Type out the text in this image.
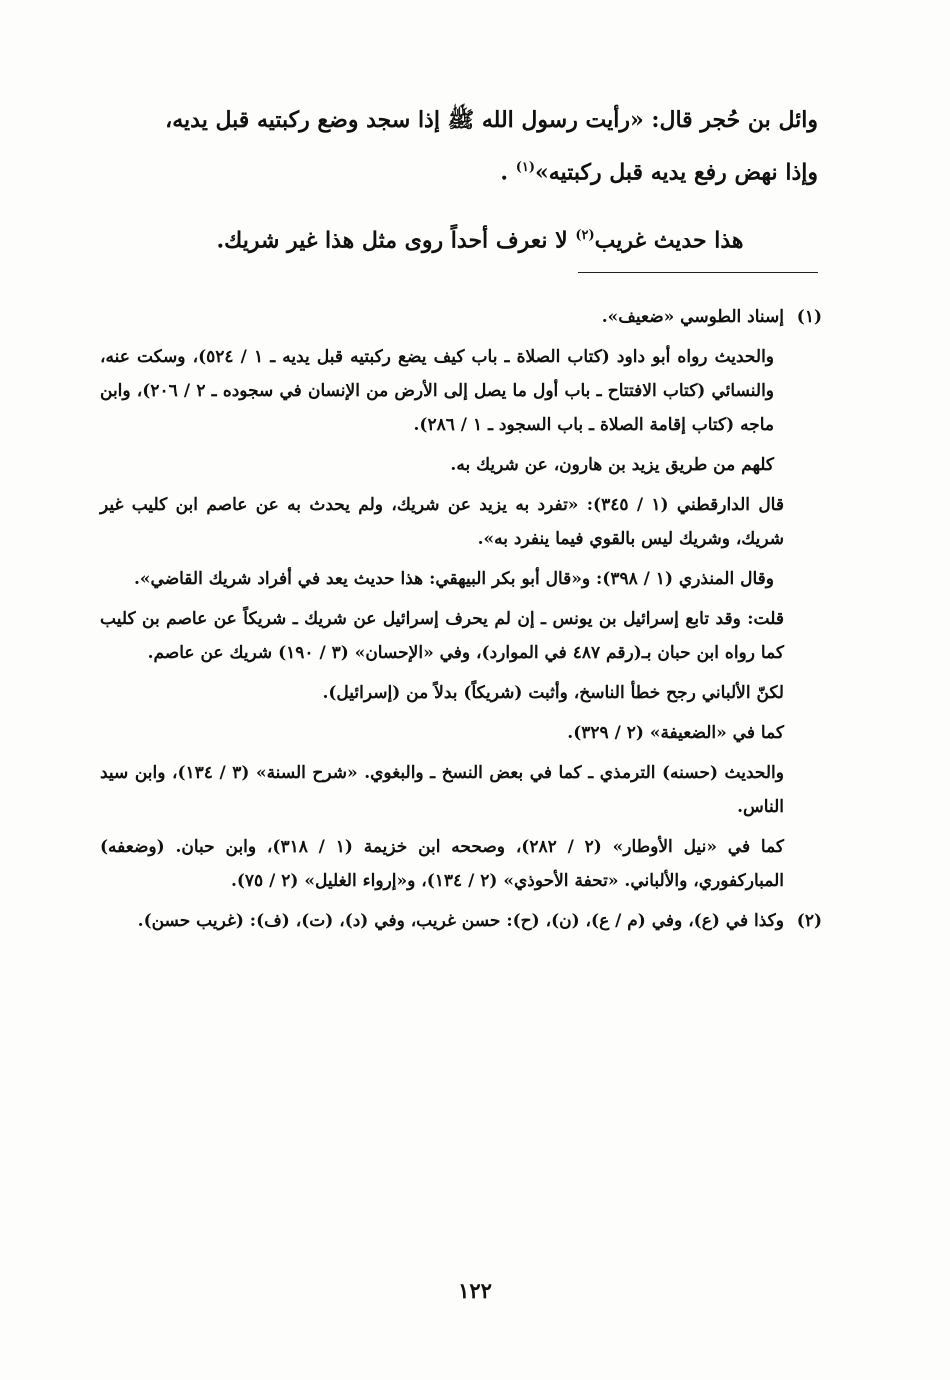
وائل بن حُجر قال: «رأيت رسول الله ﷺ إذا سجد وضع ركبتيه قبل يديه،

وإذا نهض رفع يديه قبل ركبتيه»$^{(١)}$ .

هذا حديث غريب$^{(٢)}$ لا نعرف أحداً روى مثل هذا غير شريك.
(١)

إسناد الطوسي «ضعيف».

والحديث رواه أبو داود (كتاب الصلاة ـ باب كيف يضع ركبتيه قبل يديه ـ ١ / ٥٢٤)، وسكت عنه، والنسائي (كتاب الافتتاح ـ باب أول ما يصل إلى الأرض من الإنسان في سجوده ـ ٢ / ٢٠٦)، وابن ماجه (كتاب إقامة الصلاة ـ باب السجود ـ ١ / ٢٨٦).

كلهم من طريق يزيد بن هارون، عن شريك به.

قال الدارقطني (١ / ٣٤٥): «تفرد به يزيد عن شريك، ولم يحدث به عن عاصم ابن كليب غير شريك، وشريك ليس بالقوي فيما ينفرد به».

وقال المنذري (١ / ٣٩٨): و«قال أبو بكر البيهقي: هذا حديث يعد في أفراد شريك القاضي».

قلت: وقد تابع إسرائيل بن يونس ـ إن لم يحرف إسرائيل عن شريك ـ شريكاً عن عاصم بن كليب كما رواه ابن حبان بـ(رقم ٤٨٧ في الموارد)، وفي «الإحسان» (٣ / ١٩٠) شريك عن عاصم.

لكنّ الألباني رجح خطأ الناسخ، وأثبت (شريكاً) بدلاً من (إسرائيل).

كما في «الضعيفة» (٢ / ٣٢٩).

والحديث (حسنه) الترمذي ـ كما في بعض النسخ ـ والبغوي. «شرح السنة» (٣ / ١٣٤)، وابن سيد الناس.

كما في «نيل الأوطار» (٢ / ٢٨٢)، وصححه ابن خزيمة (١ / ٣١٨)، وابن حبان. (وضعفه) المباركفوري، والألباني. «تحفة الأحوذي» (٢ / ١٣٤)، و«إرواء الغليل» (٢ / ٧٥).

(٢)

وكذا في (ع)، وفي (م / ع)، (ن)، (ح): حسن غريب، وفي (د)، (ت)، (ف): (غريب حسن).

١٢٢
